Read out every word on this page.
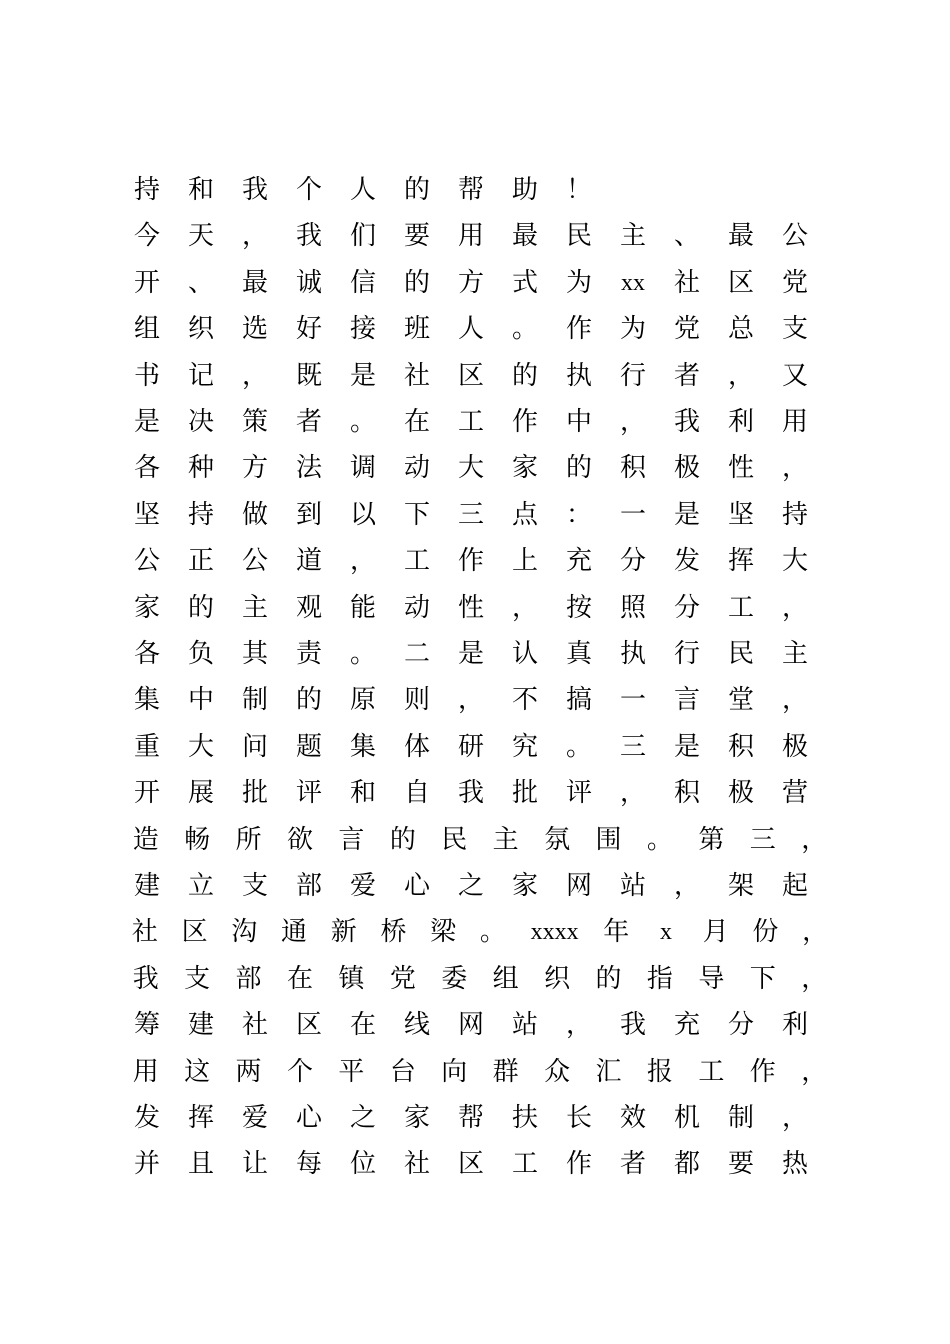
持	和	我	个	人	的	帮	助	！
今	天	，	我	们	要	用	最	民	主	、	最	公
开	、	最	诚	信	的	方	式	为	xx	社	区	党
组	织	选	好	接	班	人	。	作	为	党	总	支
书	记	，	既	是	社	区	的	执	行	者	，	又
是	决	策	者	。	在	工	作	中	，	我	利	用
各	种	方	法	调	动	大	家	的	积	极	性	，
坚	持	做	到	以	下	三	点	：	一	是	坚	持
公	正	公	道	，	工	作	上	充	分	发	挥	大
家	的	主	观	能	动	性	，	按	照	分	工	，
各	负	其	责	。	二	是	认	真	执	行	民	主
集	中	制	的	原	则	，	不	搞	一	言	堂	，
重	大	问	题	集	体	研	究	。	三	是	积	极
开	展	批	评	和	自	我	批	评	，	积	极	营
造 畅 所 欲 言 的 民 主 氛 围 。 第 三 ，
建	立	支	部	爱	心	之	家	网	站	，	架	起
社 区 沟 通 新 桥 梁 。	xxxx 年	x	月 份 ，
我 支 部 在 镇 党 委 组 织 的 指 导 下 ，
筹	建	社	区	在	线	网	站	，	我	充	分	利
用 这 两 个 平 台 向 群 众 汇 报 工 作 ，
发	挥	爱	心	之	家	帮	扶	长	效	机	制	，
并	且	让	每	位	社	区	工	作	者	都	要	热
